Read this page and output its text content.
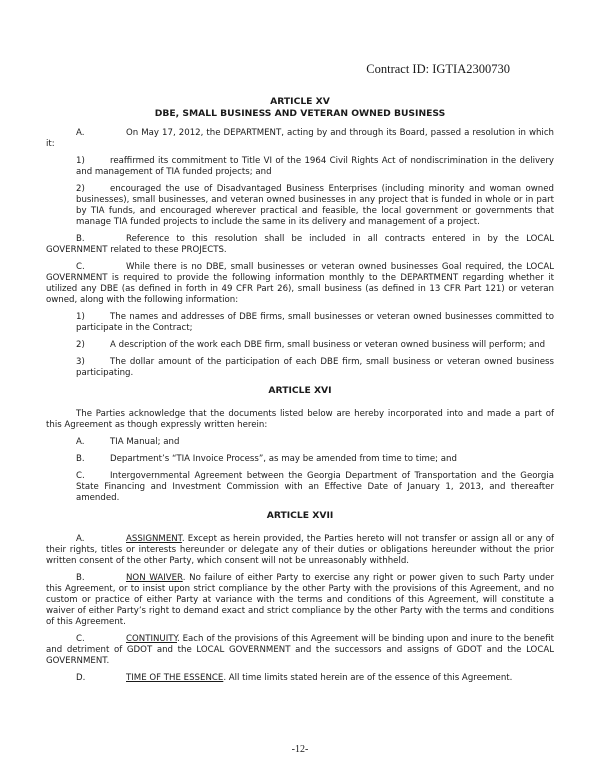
Contract ID: IGTIA2300730

ARTICLE XV

DBE, SMALL BUSINESS AND VETERAN OWNED BUSINESS

A.	On May 17, 2012, the DEPARTMENT, acting by and through its Board, passed a resolution in which it:

1)	reaffirmed its commitment to Title VI of the 1964 Civil Rights Act of nondiscrimination in the delivery and management of TIA funded projects; and

2)	encouraged the use of Disadvantaged Business Enterprises (including minority and woman owned businesses), small businesses, and veteran owned businesses in any project that is funded in whole or in part by TIA funds, and encouraged wherever practical and feasible, the local government or governments that manage TIA funded projects to include the same in its delivery and management of a project.

B.	Reference to this resolution shall be included in all contracts entered in by the LOCAL GOVERNMENT related to these PROJECTS.

C.	While there is no DBE, small businesses or veteran owned businesses Goal required, the LOCAL GOVERNMENT is required to provide the following information monthly to the DEPARTMENT regarding whether it utilized any DBE (as defined in forth in 49 CFR Part 26), small business (as defined in 13 CFR Part 121) or veteran owned, along with the following information:

1)	The names and addresses of DBE firms, small businesses or veteran owned businesses committed to participate in the Contract;

2)	A description of the work each DBE firm, small business or veteran owned business will perform; and

3)	The dollar amount of the participation of each DBE firm, small business or veteran owned business participating.

ARTICLE XVI

The Parties acknowledge that the documents listed below are hereby incorporated into and made a part of this Agreement as though expressly written herein:

A.	TIA Manual; and

B.	Department’s “TIA Invoice Process”, as may be amended from time to time; and

C.	Intergovernmental Agreement between the Georgia Department of Transportation and the Georgia State Financing and Investment Commission with an Effective Date of January 1, 2013, and thereafter amended.

ARTICLE XVII

A.	ASSIGNMENT. Except as herein provided, the Parties hereto will not transfer or assign all or any of their rights, titles or interests hereunder or delegate any of their duties or obligations hereunder without the prior written consent of the other Party, which consent will not be unreasonably withheld.

B.	NON WAIVER. No failure of either Party to exercise any right or power given to such Party under this Agreement, or to insist upon strict compliance by the other Party with the provisions of this Agreement, and no custom or practice of either Party at variance with the terms and conditions of this Agreement, will constitute a waiver of either Party’s right to demand exact and strict compliance by the other Party with the terms and conditions of this Agreement.

C.	CONTINUITY. Each of the provisions of this Agreement will be binding upon and inure to the benefit and detriment of GDOT and the LOCAL GOVERNMENT and the successors and assigns of GDOT and the LOCAL GOVERNMENT.

D.	TIME OF THE ESSENCE. All time limits stated herein are of the essence of this Agreement.

-12-
